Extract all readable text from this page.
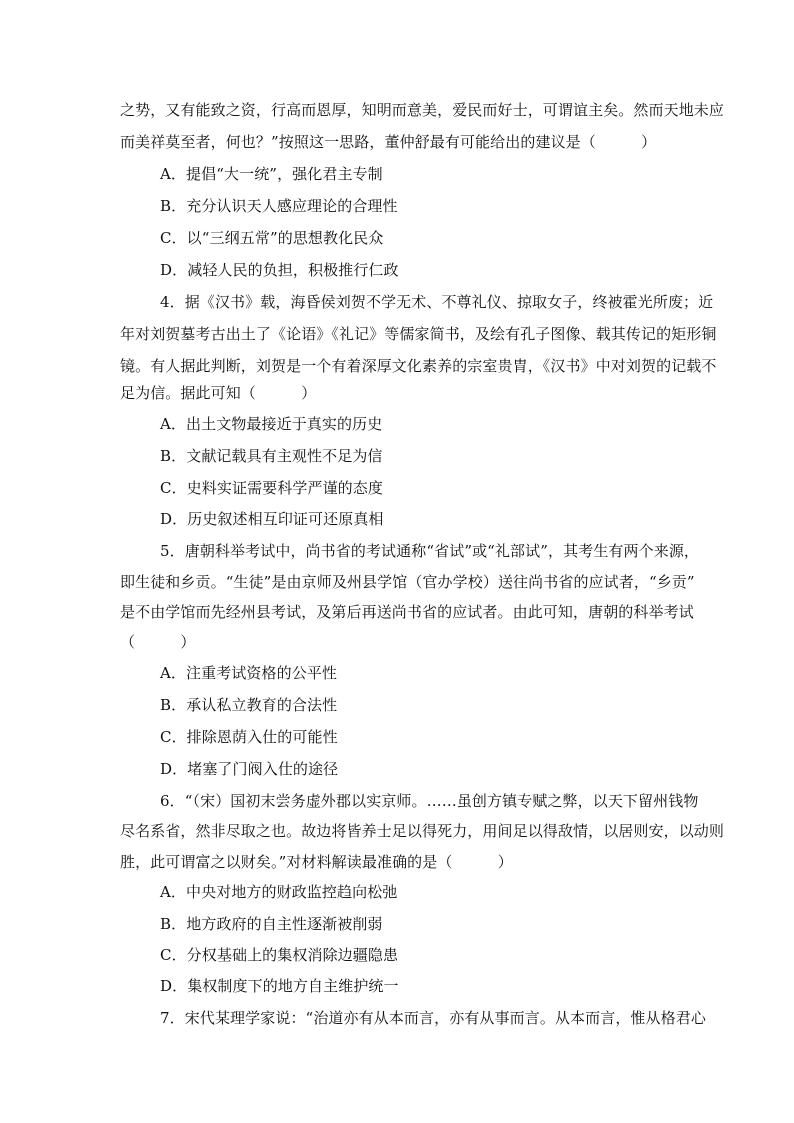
之势，又有能致之资，行高而恩厚，知明而意美，爱民而好士，可谓谊主矣。然而天地未应
而美祥莫至者，何也？”按照这一思路，董仲舒最有可能给出的建议是（　　　）
A．提倡“大一统”，强化君主专制
B．充分认识天人感应理论的合理性
C．以“三纲五常”的思想教化民众
D．减轻人民的负担，积极推行仁政
4．据《汉书》载，海昏侯刘贺不学无术、不尊礼仪、掠取女子，终被霍光所废；近
年对刘贺墓考古出土了《论语》《礼记》等儒家简书，及绘有孔子图像、载其传记的矩形铜
镜。有人据此判断，刘贺是一个有着深厚文化素养的宗室贵胄，《汉书》中对刘贺的记载不
足为信。据此可知（　　　）
A．出土文物最接近于真实的历史
B．文献记载具有主观性不足为信
C．史料实证需要科学严谨的态度
D．历史叙述相互印证可还原真相
5．唐朝科举考试中，尚书省的考试通称“省试”或“礼部试”，其考生有两个来源，
即生徒和乡贡。“生徒”是由京师及州县学馆（官办学校）送往尚书省的应试者，“乡贡”
是不由学馆而先经州县考试，及第后再送尚书省的应试者。由此可知，唐朝的科举考试
（　　　）
A．注重考试资格的公平性
B．承认私立教育的合法性
C．排除恩荫入仕的可能性
D．堵塞了门阀入仕的途径
6．“（宋）国初末尝务虚外郡以实京师。……虽创方镇专赋之弊，以天下留州钱物
尽名系省，然非尽取之也。故边将皆养士足以得死力，用间足以得敌情，以居则安，以动则
胜，此可谓富之以财矣。”对材料解读最准确的是（　　　）
A．中央对地方的财政监控趋向松弛
B．地方政府的自主性逐渐被削弱
C．分权基础上的集权消除边疆隐患
D．集权制度下的地方自主维护统一
7．宋代某理学家说：“治道亦有从本而言，亦有从事而言。从本而言，惟从格君心
